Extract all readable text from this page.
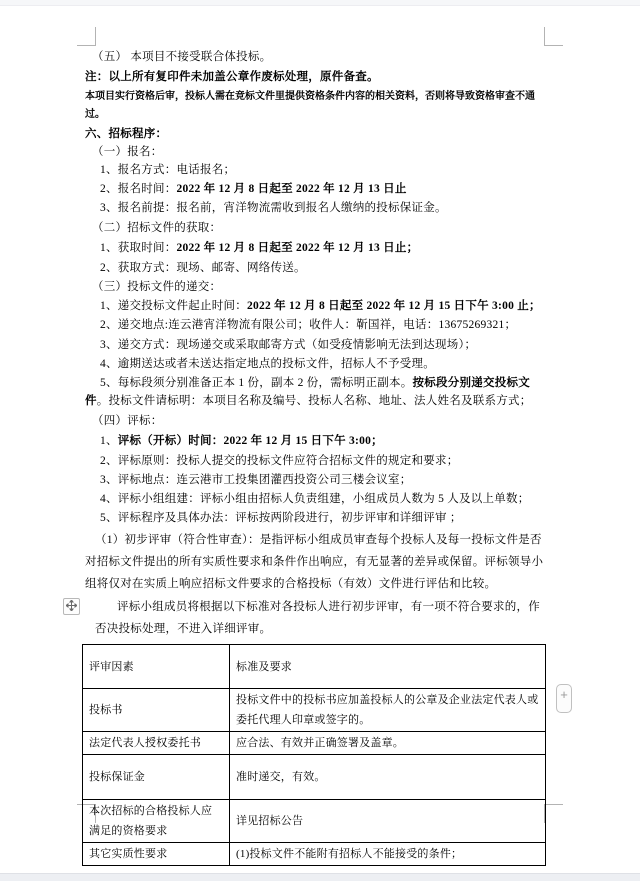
（五） 本项目不接受联合体投标。

注：以上所有复印件未加盖公章作废标处理，原件备查。

本项目实行资格后审，投标人需在竞标文件里提供资格条件内容的相关资料，否则将导致资格审查不通过。

六、招标程序：

（一）报名：

1、报名方式：电话报名；

2、报名时间：2022 年 12 月 8 日起至 2022 年 12 月 13 日止

3、报名前提：报名前，宵洋物流需收到报名人缴纳的投标保证金。

（二）招标文件的获取：

1、获取时间：2022 年 12 月 8 日起至 2022 年 12 月 13 日止；

2、获取方式：现场、邮寄、网络传送。

（三）投标文件的递交：

1、递交投标文件起止时间：2022 年 12 月 8 日起至 2022 年 12 月 15 日下午 3:00 止；

2、递交地点:连云港宵洋物流有限公司；收件人：靳国祥，电话：13675269321；

3、递交方式：现场递交或采取邮寄方式（如受疫情影响无法到达现场）；

4、逾期送达或者未送达指定地点的投标文件，招标人不予受理。

5、每标段须分别准备正本 1 份，副本 2 份，需标明正副本。按标段分别递交投标文件。投标文件请标明：本项目名称及编号、投标人名称、地址、法人姓名及联系方式；

（四）评标：

1、评标（开标）时间：2022 年 12 月 15 日下午 3:00；

2、评标原则：投标人提交的投标文件应符合招标文件的规定和要求；

3、评标地点：连云港市工投集团灌西投资公司三楼会议室；

4、评标小组组建：评标小组由招标人负责组建，小组成员人数为 5 人及以上单数；

5、评标程序及具体办法：评标按两阶段进行，初步评审和详细评审 ；

（1）初步评审（符合性审查）：是指评标小组成员审查每个投标人及每一投标文件是否对招标文件提出的所有实质性要求和条件作出响应，有无显著的差异或保留。评标领导小组将仅对在实质上响应招标文件要求的合格投标（有效）文件进行评估和比较。

评标小组成员将根据以下标准对各投标人进行初步评审，有一项不符合要求的，作否决投标处理，不进入详细评审。

评审因素	标准及要求
投标书	投标文件中的投标书应加盖投标人的公章及企业法定代表人或委托代理人印章或签字的。
法定代表人授权委托书	应合法、有效并正确签署及盖章。
投标保证金	准时递交，有效。
本次招标的合格投标人应满足的资格要求	详见招标公告
其它实质性要求	(1)投标文件不能附有招标人不能接受的条件；
+
